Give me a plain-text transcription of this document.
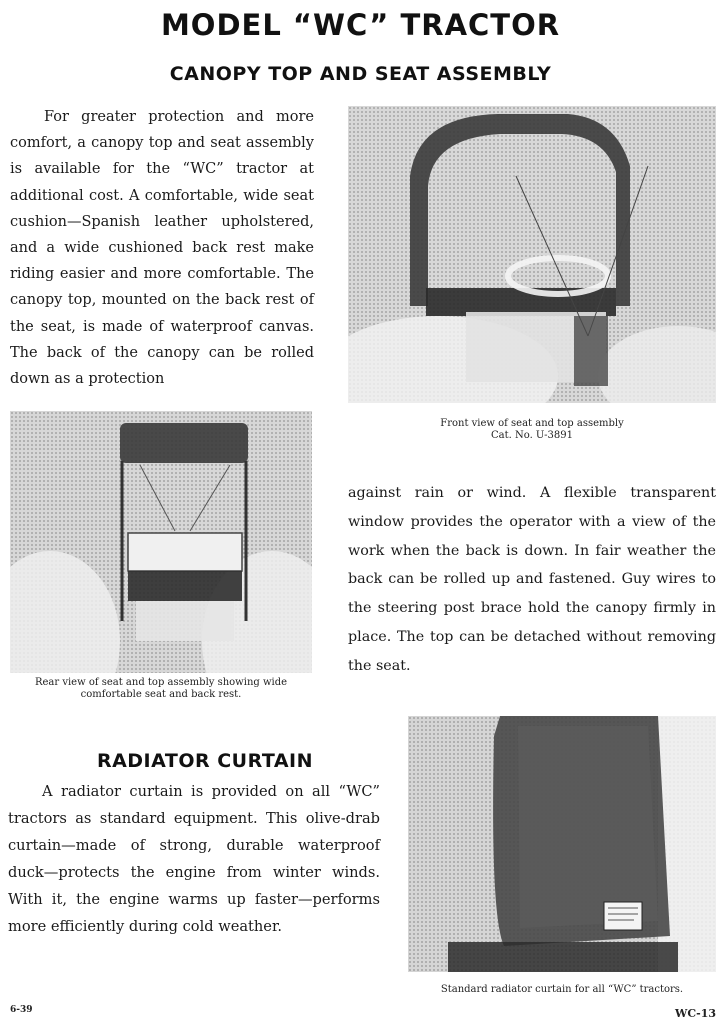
MODEL “WC” TRACTOR
CANOPY TOP AND SEAT ASSEMBLY

For greater protection and more comfort, a canopy top and seat assembly is available for the “WC” tractor at additional cost. A comfortable, wide seat cushion—Spanish leather upholstered, and a wide cushioned back rest make riding easier and more comfortable. The canopy top, mounted on the back rest of the seat, is made of waterproof canvas. The back of the canopy can be rolled down as a protection

Front view of seat and top assembly
Cat. No. U-3891
Rear view of seat and top assembly showing wide
comfortable seat and back rest.

against rain or wind. A flexible transparent window provides the operator with a view of the work when the back is down. In fair weather the back can be rolled up and fastened. Guy wires to the steering post brace hold the canopy firmly in place. The top can be detached without removing the seat.

RADIATOR CURTAIN

A radiator curtain is provided on all “WC” tractors as standard equipment. This olive-drab curtain—made of strong, durable waterproof duck—protects the engine from winter winds. With it, the engine warms up faster—performs more efficiently during cold weather.

Standard radiator curtain for all “WC” tractors.
6-39	WC-13
